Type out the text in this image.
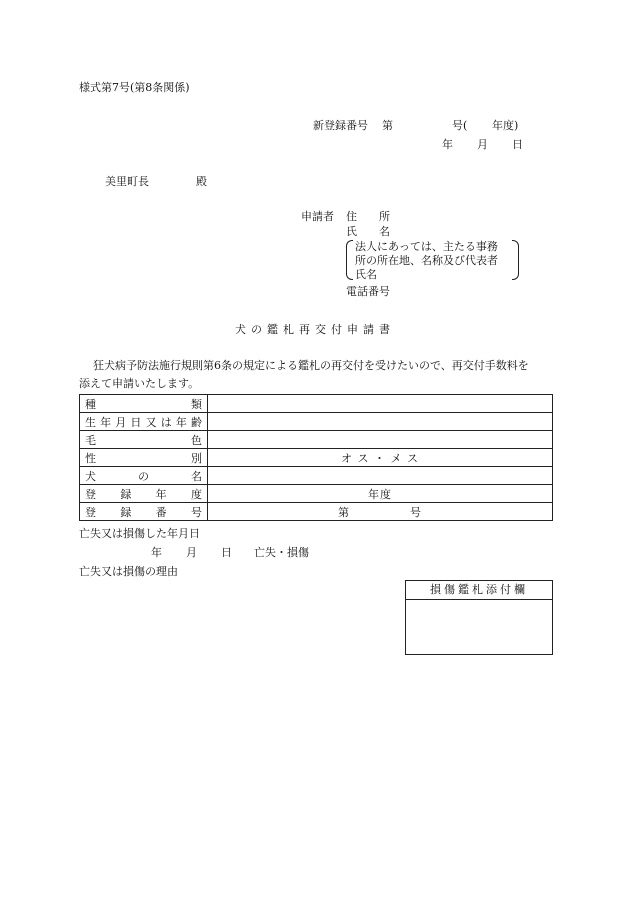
様式第7号(第8条関係)
新登録番号 第	号( 年度)
年 月 日
美里町長	殿
申請者 住　　所
氏　　名
法人にあっては、主たる事務
所の所在地、名称及び代表者
氏名
電話番号
犬の鑑札再交付申請書
狂犬病予防法施行規則第6条の規定による鑑札の再交付を受けたいので、再交付手数料を
添えて申請いたします。
種類	
生年月日又は年齢	
毛色	
性別	オ ス ・ メ ス
犬の名	
登録年度	年度
登録番号	第　　　　　号
亡失又は損傷した年月日
年 月 日 亡失・損傷
亡失又は損傷の理由
損傷鑑札添付欄
